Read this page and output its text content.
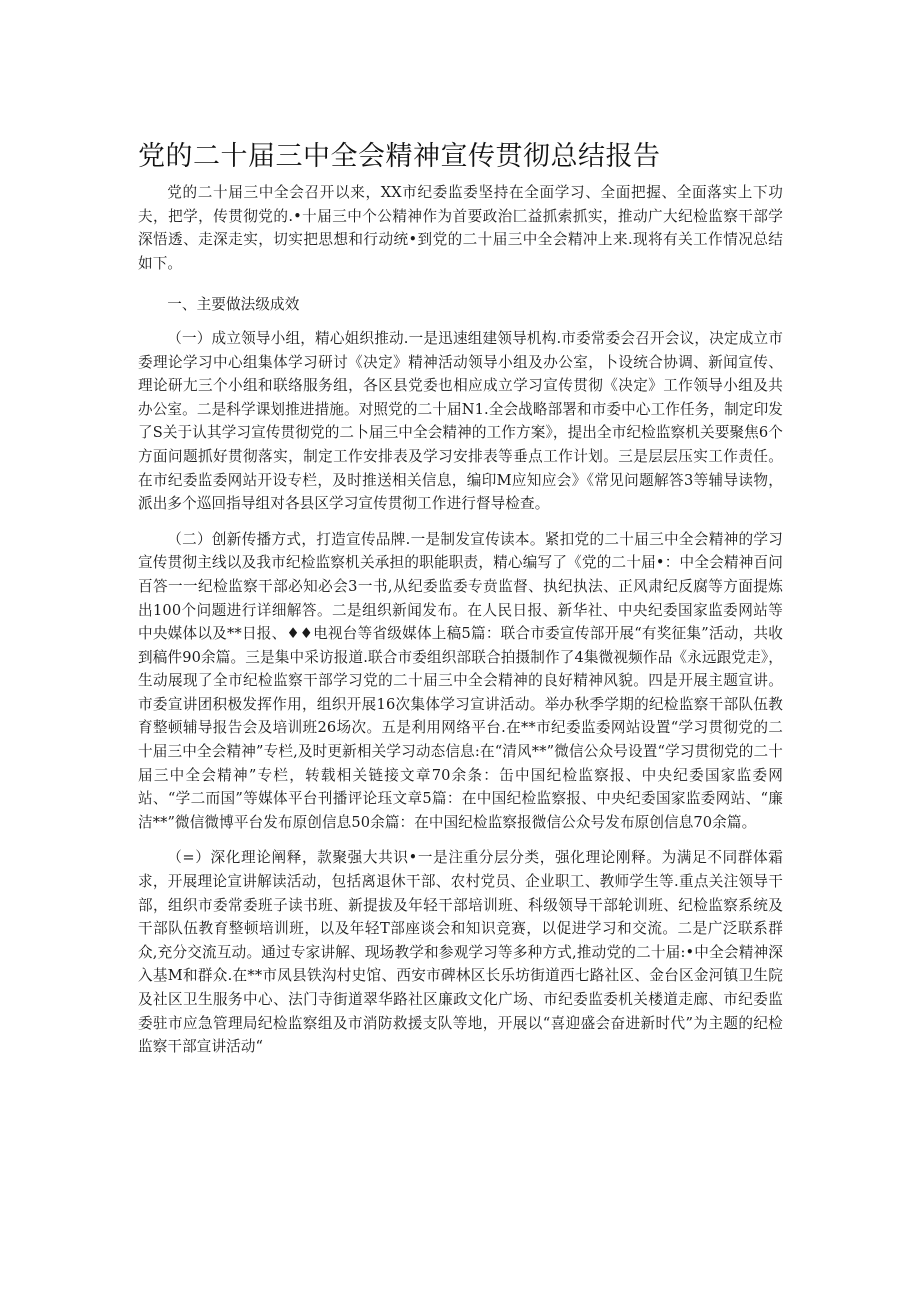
党的二十届三中全会精神宣传贯彻总结报告

党的二十届三中全会召开以来，XX市纪委监委坚持在全面学习、全面把握、全面落实上下功夫，把学，传贯彻党的.•十届三中个公精神作为首要政治匚益抓索抓实，推动广大纪检监察干部学深悟透、走深走实，切实把思想和行动统•到党的二十届三中全会精冲上来.现将有关工作情况总结如下。

一、主要做法级成效

（一）成立领导小组，精心姐织推动.一是迅速组建领导机构.市委常委会召开会议，决定成立市委理论学习中心组集体学习研讨《决定》精神活动领导小组及办公室，卜设统合协调、新闻宣传、理论研尢三个小组和联络服务组，各区县党委也相应成立学习宣传贯彻《决定》工作领导小组及共办公室。二是科学课划推进措施。对照党的二十届N1.全会战略部署和市委中心工作任务，制定印发了S关于认其学习宣传贯彻党的二卜届三中全会精神的工作方案》，提出全市纪检监察机关要聚焦6个方面问题抓好贯彻落实，制定工作安排表及学习安排表等垂点工作计划。三是层层压实工作责任。在市纪委监委网站开设专栏，及时推送相关信息，编印M应知应会》《常见问题解答3等辅导读物，派出多个巡回指导组对各县区学习宣传贯彻工作进行督导检查。

（二）创新传播方式，打造宣传品牌.一是制发宣传读本。紧扣党的二十届三中全会精神的学习宣传贯彻主线以及我市纪检监察机关承担的职能职责，精心编写了《党的二十届•：中全会精神百问百答一一纪检监察干部必知必会3一书,从纪委监委专贲监督、执纪执法、正风肃纪反腐等方面提炼出100个问题进行详细解答。二是组织新闻发布。在人民日报、新华社、中央纪委国家监委网站等中央媒体以及**日报、♦♦电视台等省级媒体上稿5篇：联合市委宣传部开展“有奖征集”活动，共收到稿件90余篇。三是集中采访报道.联合市委组织部联合拍摄制作了4集微视频作品《永远跟党走》，生动展现了全市纪检监察干部学习党的二十届三中全会精神的良好精神风貌。四是开展主题宣讲。市委宣讲团积极发挥作用，组织开展16次集体学习宣讲活动。举办秋季学期的纪检监察干部队伍教育整顿辅导报告会及培训班26场次。五是利用网络平台.在**市纪委监委网站设置“学习贯彻党的二十届三中全会精神”专栏,及时更新相关学习动态信息:在“清风**”微信公众号设置“学习贯彻党的二十届三中全会精神”专栏，转载相关链接文章70余条：缶中国纪检监察报、中央纪委国家监委网站、“学二而国”等媒体平台刊播评论珏文章5篇：在中国纪检监察报、中央纪委国家监委网站、“廉洁**”微信微博平台发布原创信息50余篇：在中国纪检监察报微信公众号发布原创信息70余篇。

（=）深化理论阐释，款聚强大共识•一是注重分层分类，强化理论刚释。为满足不同群体霜求，开展理论宣讲解读活动，包括离退休干部、农村党员、企业职工、教师学生等.重点关注领导干部，组织市委常委班子读书班、新提拔及年轻干部培训班、科级领导干部轮训班、纪检监察系统及干部队伍教育整顿培训班，以及年轻T部座谈会和知识竞赛，以促进学习和交流。二是广泛联系群众,充分交流互动。通过专家讲解、现场教学和参观学习等多种方式,推动党的二十届:•中全会精神深入基M和群众.在**市凤县铁沟村史馆、西安市碑林区长乐坊街道西七路社区、金台区金河镇卫生院及社区卫生服务中心、法门寺街道翠华路社区廉政文化广场、市纪委监委机关楼道走廊、市纪委监委驻市应急管理局纪检监察组及市消防救援支队等地，开展以“喜迎盛会奋进新时代”为主题的纪检监察干部宣讲活动“
